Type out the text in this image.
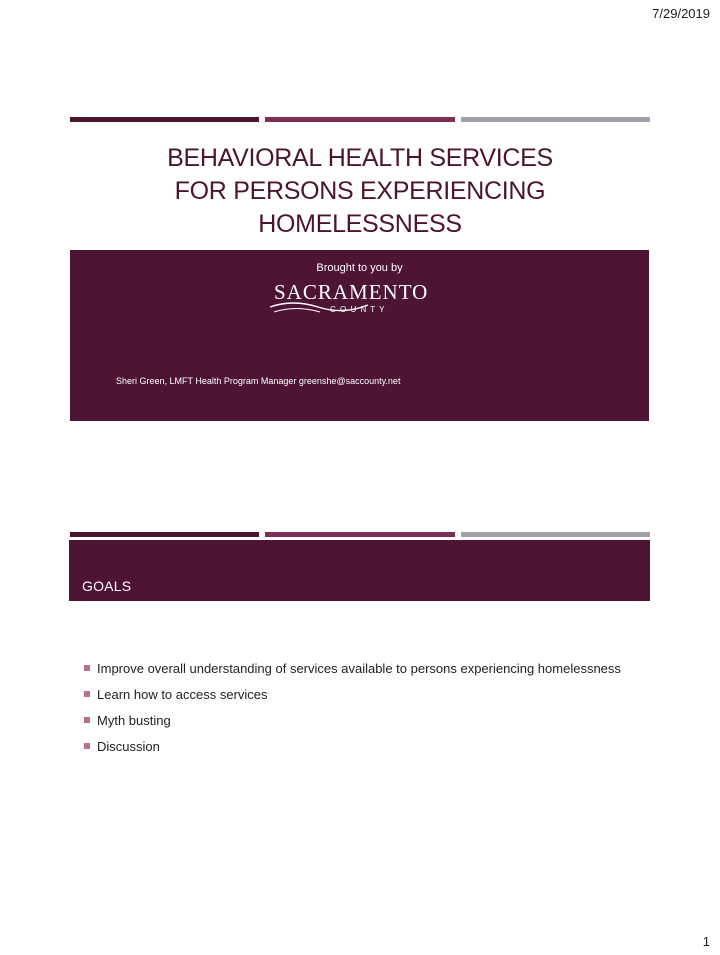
7/29/2019
BEHAVIORAL HEALTH SERVICES
FOR PERSONS EXPERIENCING
HOMELESSNESS
Brought to you by
SACRAMENTO
C O U N T Y
Sheri Green, LMFT Health Program Manager greenshe@saccounty.net
GOALS
Improve overall understanding of services available to persons experiencing homelessness
Learn how to access services
Myth busting
Discussion
1
